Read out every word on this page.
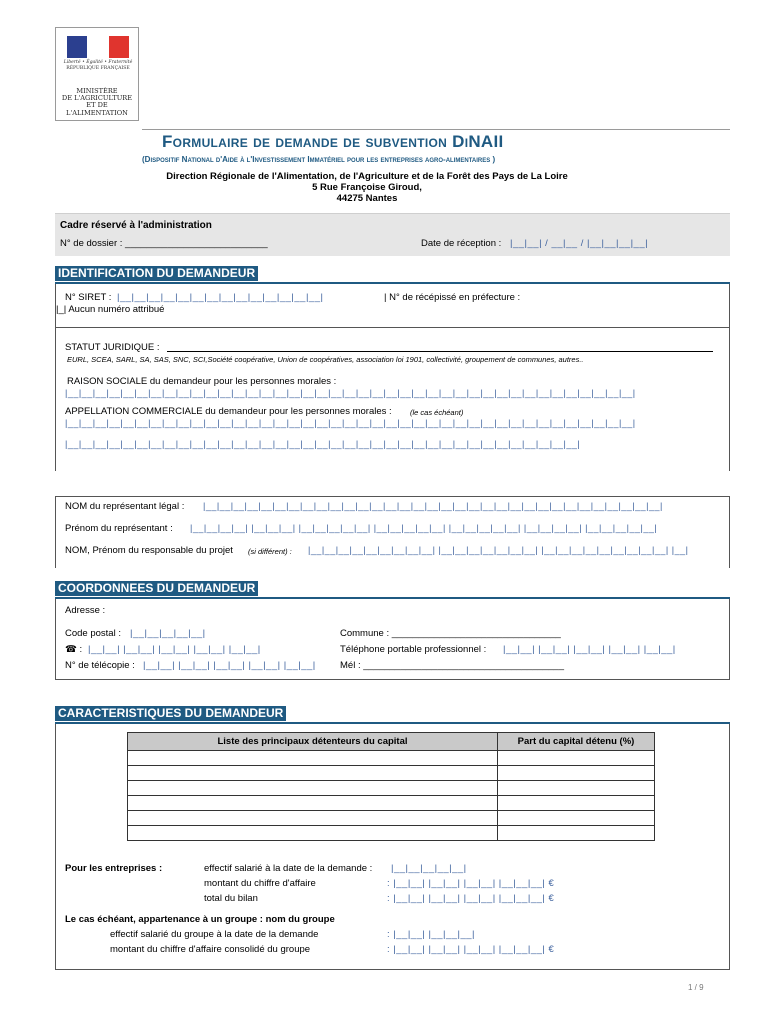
Liberté • Égalité • Fraternité
RÉPUBLIQUE FRANÇAISE
MINISTÈRE
DE L'AGRICULTURE
ET DE
L'ALIMENTATION
Formulaire de demande de subvention DiNAII
(Dispositif National d'Aide à l'Investissement Immatériel pour les entreprises agro-alimentaires )
Direction Régionale de l'Alimentation, de l'Agriculture et de la Forêt des Pays de La Loire
5 Rue Françoise Giroud,
44275 Nantes
Cadre réservé à l'administration
N° de dossier : ___________________________	Date de réception : |__|__| / __|__ / |__|__|__|__|
IDENTIFICATION DU DEMANDEUR
N° SIRET : |__|__|__|__|__|__|__|__|__|__|__|__|__|__|	| N° de récépissé en préfecture :
|_| Aucun numéro attribué
STATUT JURIDIQUE :
EURL, SCEA, SARL, SA, SAS, SNC, SCI,Société coopérative, Union de coopératives, association loi 1901, collectivité, groupement de communes, autres..
RAISON SOCIALE du demandeur pour les personnes morales :
|__|__|__|__|__|__|__|__|__|__|__|__|__|__|__|__|__|__|__|__|__|__|__|__|__|__|__|__|__|__|__|__|__|__|__|__|__|__|__|__|__|
APPELLATION COMMERCIALE du demandeur pour les personnes morales : (le cas échéant)
|__|__|__|__|__|__|__|__|__|__|__|__|__|__|__|__|__|__|__|__|__|__|__|__|__|__|__|__|__|__|__|__|__|__|__|__|__|__|__|__|__|
|__|__|__|__|__|__|__|__|__|__|__|__|__|__|__|__|__|__|__|__|__|__|__|__|__|__|__|__|__|__|__|__|__|__|__|__|__|
NOM du représentant légal : |__|__|__|__|__|__|__|__|__|__|__|__|__|__|__|__|__|__|__|__|__|__|__|__|__|__|__|__|__|__|__|__|__|
Prénom du représentant : |__|__|__|__| |__|__|__| |__|__|__|__|__| |__|__|__|__|__| |__|__|__|__|__| |__|__|__|__| |__|__|__|__|__|
NOM, Prénom du responsable du projet (si différent) : |__|__|__|__|__|__|__|__|__| |__|__|__|__|__|__|__| |__|__|__|__|__|__|__|__|__| |__|
COORDONNEES DU DEMANDEUR
Adresse :
Code postal : |__|__|__|__|__|	Commune : ________________________________
☎ : |__|__| |__|__| |__|__| |__|__| |__|__|	Téléphone portable professionnel : |__|__| |__|__| |__|__| |__|__| |__|__|
N° de télécopie : |__|__| |__|__| |__|__| |__|__| |__|__|	Mél : ______________________________________
CARACTERISTIQUES DU DEMANDEUR
Liste des principaux détenteurs du capital	Part du capital détenu (%)

Pour les entreprises :	effectif salarié à la date de la demande : |__|__|__|__|__|
montant du chiffre d'affaire	: |__|__| |__|__| |__|__| |__|__|__| €
total du bilan	: |__|__| |__|__| |__|__| |__|__|__| €
Le cas échéant, appartenance à un groupe : nom du groupe
effectif salarié du groupe à la date de la demande	: |__|__| |__|__|__|
montant du chiffre d'affaire consolidé du groupe	: |__|__| |__|__| |__|__| |__|__|__| €
1 / 9
